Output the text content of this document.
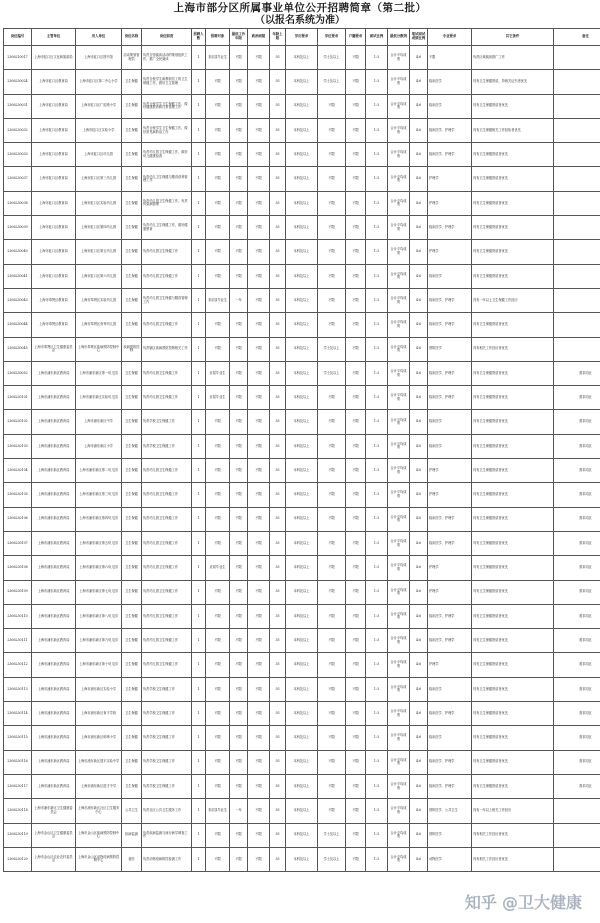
上海市部分区所属事业单位公开招聘简章（第二批）
（以报名系统为准）
岗位编号	主管单位	用人单位	岗位名称	岗位职责	招聘人数	招聘对象	最低工作年限	政治面貌	年龄上限	学历要求	学位要求	户籍要求	面试比例	最低分数线	笔试面试成绩比例	专业要求	其它条件	备注
2306210017	上海市虹口区文化和旅游局	上海市虹口区图书馆	活动策划管理员	负责全馆阅读活动的策划组织工作，推广全民阅读	1	非应届毕业生	不限	不限	35	本科及以上	学士及以上	不限	1:3	合计平均成绩	4:6	不限	负责区域阅读推广工作	
2306230024	上海市虹口区教育局	上海市虹口区第二中心小学	卫生保健	负责全校学生和教职员工的卫生保健工作，做好卫生管理	1	不限	不限	不限	35	本科及以上	学士及以上	不限	1:3	合计平均成绩	4:6	临床医学	具有卫生保健资质，持相关证书者优先	
2306230031	上海市虹口区教育局	上海市虹口区广虹路小学	卫生保健	负责全校学生卫生保健工作，做好健康教育和日常管理工作	1	不限	不限	不限	35	本科及以上	不限	不限	1:3	合计平均成绩	4:6	临床医学	具有卫生保健资质者优先	
2306230032	上海市虹口区教育局	上海市虹口区实验小学	卫生保健	负责全校学生卫生保健工作，做好常见病防治工作	1	不限	不限	不限	35	本科及以上	不限	不限	1:3	合计平均成绩	4:6	临床医学、护理学	具有卫生保健相关工作经验者优先	
2306230033	上海市虹口区教育局	上海市虹口区幼儿园	卫生保健	负责幼儿园卫生保健工作，做好幼儿健康检查	1	不限	不限	不限	35	本科及以上	不限	不限	1:3	合计平均成绩	4:6	临床医学、护理学	具有卫生保健资质者优先	
2306230037	上海市虹口区教育局	上海市虹口区第三幼儿园	卫生保健	负责幼儿卫生保健与膳食营养管理工作	1	不限	不限	不限	35	本科及以上	不限	不限	1:3	合计平均成绩	4:6	护理学	具有卫生保健资质者优先	
2306230038	上海市虹口区教育局	上海市虹口区实验幼儿园	卫生保健	负责幼儿园卫生保健工作，负责传染病管理	1	不限	不限	不限	35	本科及以上	不限	不限	1:3	合计平均成绩	4:6	护理学	具有卫生保健资质者优先	
2306230039	上海市虹口区教育局	上海市虹口区第四幼儿园	卫生保健	负责幼儿卫生保健工作，做好健康教育	1	不限	不限	不限	35	本科及以上	不限	不限	1:3	合计平均成绩	4:6	临床医学、护理学	具有卫生保健资质者优先	
2306230040	上海市虹口区教育局	上海市虹口区第五幼儿园	卫生保健	负责幼儿园卫生保健工作	1	不限	不限	不限	35	本科及以上	不限	不限	1:3	合计平均成绩	4:6	护理学	具有卫生保健资质者优先	
2306230041	上海市虹口区教育局	上海市虹口区第六幼儿园	卫生保健	负责幼儿园卫生保健工作	1	不限	不限	不限	35	本科及以上	不限	不限	1:3	合计平均成绩	4:6	临床医学	具有卫生保健资质者优先	
2306230043	上海市奉贤区教育局	上海市奉贤区实验幼儿园	卫生保健	负责幼儿园卫生保健与膳食管理工作	1	非应届毕业生	一年	不限	35	本科及以上	不限	不限	1:3	合计平均成绩	4:6	临床医学、护理学	具有一年以上卫生保健工作经历	
2306230044	上海市奉贤区教育局	上海市奉贤区育秀幼儿园	卫生保健	负责幼儿园卫生保健工作	1	不限	不限	不限	35	本科及以上	不限	不限	1:3	合计平均成绩	4:6	临床医学、护理学	具有卫生保健资质者优先	
2306230045	上海市奉贤区卫生健康委员会	上海市奉贤区疾病预防控制中心	疾病预防控制	负责辖区疾病预防控制相关工作	1	不限	不限	不限	35	本科及以上	学士及以上	不限	1:3	合计平均成绩	4:6	预防医学	具有相关工作经历者优先	
2306230052	上海市浦东新区教育局	上海市浦东新区第一幼儿园	卫生保健	负责幼儿园卫生保健工作	1	应届毕业生	不限	不限	35	本科及以上	学士及以上	不限	1:3	合计平均成绩	4:6	临床医学、护理学	具有卫生保健资质者优先	需求同区
2306230101	上海市浦东新区教育局	上海市浦东新区实验幼儿园	卫生保健	负责幼儿园卫生保健工作	1	应届毕业生	不限	不限	35	本科及以上	不限	不限	1:3	合计平均成绩	4:6	临床医学、护理学	具有卫生保健资质者优先	需求同区
2306230102	上海市浦东新区教育局	上海市浦东新区中学	卫生保健	负责学校卫生保健工作	1	不限	不限	不限	35	本科及以上	不限	不限	1:3	合计平均成绩	4:6	临床医学	具有卫生保健资质者优先	需求同区
2306230103	上海市浦东新区教育局	上海市浦东新区小学	卫生保健	负责学校卫生保健工作	1	不限	不限	不限	35	本科及以上	不限	不限	1:3	合计平均成绩	4:6	临床医学	具有卫生保健资质者优先	需求同区
2306230104	上海市浦东新区教育局	上海市浦东新区第二幼儿园	卫生保健	负责幼儿园卫生保健工作	1	不限	不限	不限	35	本科及以上	不限	不限	1:3	合计平均成绩	4:6	护理学	具有卫生保健资质者优先	需求同区
2306230105	上海市浦东新区教育局	上海市浦东新区第三幼儿园	卫生保健	负责幼儿园卫生保健工作	1	不限	不限	不限	35	本科及以上	不限	不限	1:3	合计平均成绩	4:6	护理学	具有卫生保健资质者优先	需求同区
2306230106	上海市浦东新区教育局	上海市浦东新区第四幼儿园	卫生保健	负责幼儿园卫生保健工作	1	不限	不限	不限	35	本科及以上	不限	不限	1:3	合计平均成绩	4:6	临床医学、护理学	具有卫生保健资质者优先	需求同区
2306230107	上海市浦东新区教育局	上海市浦东新区第五幼儿园	卫生保健	负责幼儿园卫生保健工作	1	不限	不限	不限	35	本科及以上	不限	不限	1:3	合计平均成绩	4:6	临床医学、护理学	具有卫生保健资质者优先	需求同区
2306230108	上海市浦东新区教育局	上海市浦东新区第六幼儿园	卫生保健	负责幼儿园卫生保健工作	1	应届毕业生	不限	不限	35	本科及以上	不限	不限	1:3	合计平均成绩	4:6	护理学	具有卫生保健资质者优先	需求同区
2306230109	上海市浦东新区教育局	上海市浦东新区第七幼儿园	卫生保健	负责幼儿园卫生保健工作	1	不限	不限	不限	35	本科及以上	不限	不限	1:3	合计平均成绩	4:6	护理学	具有卫生保健资质者优先	需求同区
2306230110	上海市浦东新区教育局	上海市浦东新区第八幼儿园	卫生保健	负责幼儿园卫生保健工作	1	不限	不限	不限	35	本科及以上	不限	不限	1:3	合计平均成绩	4:6	临床医学、护理学	具有卫生保健资质者优先	需求同区
2306230111	上海市浦东新区教育局	上海市浦东新区第九幼儿园	卫生保健	负责幼儿园卫生保健工作	1	不限	不限	不限	35	本科及以上	不限	不限	1:3	合计平均成绩	4:6	临床医学、护理学	具有卫生保健资质者优先	需求同区
2306230112	上海市浦东新区教育局	上海市浦东新区第十幼儿园	卫生保健	负责幼儿园卫生保健工作	1	不限	不限	不限	35	本科及以上	不限	不限	1:3	合计平均成绩	4:6	护理学	具有卫生保健资质者优先	需求同区
2306230113	上海市浦东新区教育局	上海市浦东新区实验小学	卫生保健	负责学校卫生保健工作	1	不限	不限	不限	35	本科及以上	不限	不限	1:3	合计平均成绩	4:6	临床医学	具有卫生保健资质者优先	需求同区
2306230114	上海市浦东新区教育局	上海市浦东新区育才学校	卫生保健	负责学校卫生保健工作	1	不限	不限	不限	35	本科及以上	不限	不限	1:3	合计平均成绩	4:6	临床医学、护理学	具有卫生保健资质者优先	需求同区
2306230115	上海市浦东新区教育局	上海市浦东新区明珠小学	卫生保健	负责学校卫生保健工作	1	不限	不限	不限	35	本科及以上	不限	不限	1:3	合计平均成绩	4:6	临床医学	具有卫生保健资质者优先	需求同区
2306230116	上海市浦东新区教育局	上海市浦东新区建平实验中学	卫生保健	负责学校卫生保健工作	1	不限	不限	不限	35	本科及以上	不限	不限	1:3	合计平均成绩	4:6	临床医学、护理学	具有卫生保健资质者优先	需求同区
2306230117	上海市浦东新区教育局	上海市浦东新区进才中学	卫生保健	负责学校卫生保健工作	1	不限	不限	不限	35	本科及以上	不限	不限	1:3	合计平均成绩	4:6	临床医学、护理学	具有卫生保健资质者优先	需求同区
2306230118	上海市浦东新区卫生健康委员会	上海市浦东新区社区卫生服务中心	公共卫生	负责社区公共卫生服务工作	1	非应届毕业生	一年	不限	35	本科及以上	不限	不限	1:3	合计平均成绩	4:6	预防医学、公共卫生	具有一年以上相关工作经历	
2306230119	上海市金山区卫生健康委员会	上海市金山区疾病预防控制中心	疾病监测	负责疾病监测与流行病学调查工作	1	不限	不限	不限	35	本科及以上	学士及以上	不限	1:3	合计平均成绩	4:6	预防医学	具有相关工作经历者优先	
2306230120	上海市金山区农业农村委员会	上海市金山区动物疫病预防控制中心	兽医	负责动物疫病防控检测工作	1	不限	不限	不限	35	本科及以上	学士及以上	不限	1:3	合计平均成绩	4:6	动物医学	具有相关工作经历者优先	
知乎 @卫大健康
